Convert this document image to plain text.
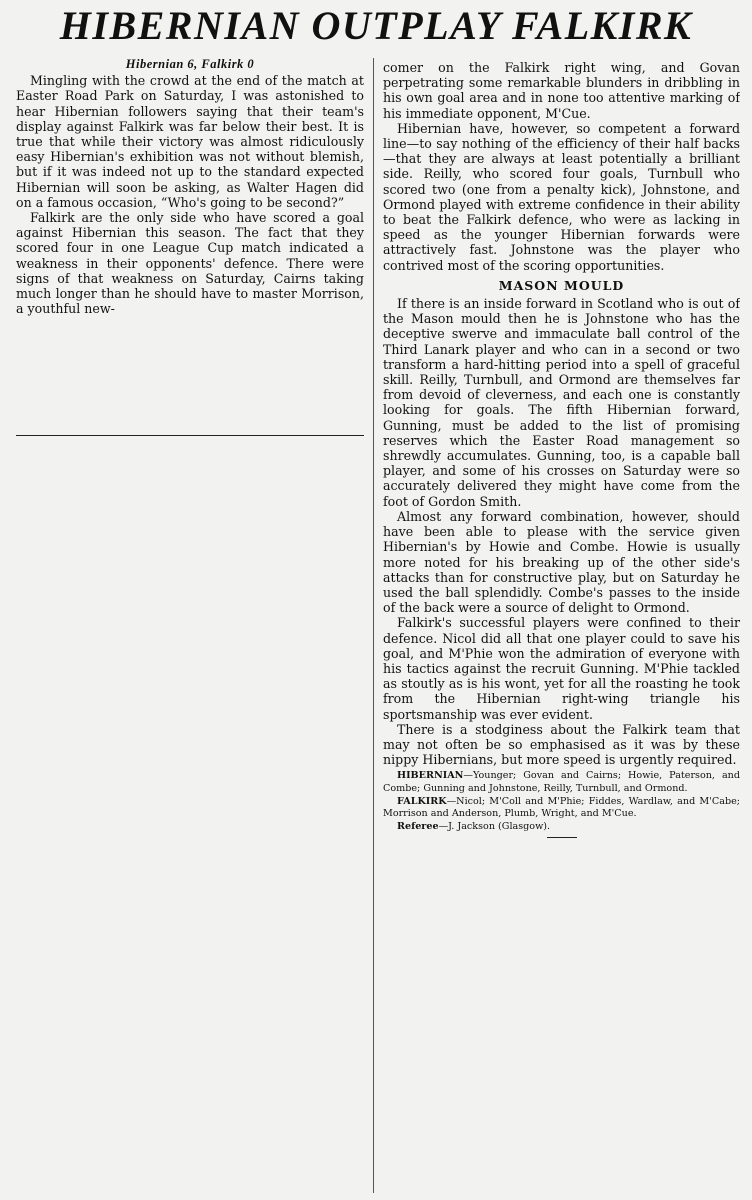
HIBERNIAN OUTPLAY FALKIRK
Hibernian 6, Falkirk 0

Mingling with the crowd at the end of the match at Easter Road Park on Saturday, I was astonished to hear Hibernian followers saying that their team's display against Falkirk was far below their best. It is true that while their victory was almost ridiculously easy Hibernian's exhibition was not without blemish, but if it was indeed not up to the standard expected Hibernian will soon be asking, as Walter Hagen did on a famous occasion, “Who's going to be second?”

Falkirk are the only side who have scored a goal against Hibernian this season. The fact that they scored four in one League Cup match indicated a weakness in their opponents' defence. There were signs of that weakness on Saturday, Cairns taking much longer than he should have to master Morrison, a youthful new-

comer on the Falkirk right wing, and Govan perpetrating some remarkable blunders in dribbling in his own goal area and in none too attentive marking of his immediate opponent, M'Cue.

Hibernian have, however, so competent a forward line—to say nothing of the efficiency of their half backs—that they are always at least potentially a brilliant side. Reilly, who scored four goals, Turnbull who scored two (one from a penalty kick), Johnstone, and Ormond played with extreme confidence in their ability to beat the Falkirk defence, who were as lacking in speed as the younger Hibernian forwards were attractively fast. Johnstone was the player who contrived most of the scoring opportunities.

MASON MOULD

If there is an inside forward in Scotland who is out of the Mason mould then he is Johnstone who has the deceptive swerve and immaculate ball control of the Third Lanark player and who can in a second or two transform a hard-hitting period into a spell of graceful skill. Reilly, Turnbull, and Ormond are themselves far from devoid of cleverness, and each one is constantly looking for goals. The fifth Hibernian forward, Gunning, must be added to the list of promising reserves which the Easter Road management so shrewdly accumulates. Gunning, too, is a capable ball player, and some of his crosses on Saturday were so accurately delivered they might have come from the foot of Gordon Smith.

Almost any forward combination, however, should have been able to please with the service given Hibernian's by Howie and Combe. Howie is usually more noted for his breaking up of the other side's attacks than for constructive play, but on Saturday he used the ball splendidly. Combe's passes to the inside of the back were a source of delight to Ormond.

Falkirk's successful players were confined to their defence. Nicol did all that one player could to save his goal, and M'Phie won the admiration of everyone with his tactics against the recruit Gunning. M'Phie tackled as stoutly as is his wont, yet for all the roasting he took from the Hibernian right-wing triangle his sportsmanship was ever evident.

There is a stodginess about the Falkirk team that may not often be so emphasised as it was by these nippy Hibernians, but more speed is urgently required.

HIBERNIAN—Younger; Govan and Cairns; Howie, Paterson, and Combe; Gunning and Johnstone, Reilly, Turnbull, and Ormond.

FALKIRK—Nicol; M'Coll and M'Phie; Fiddes, Wardlaw, and M'Cabe; Morrison and Anderson, Plumb, Wright, and M'Cue.

Referee—J. Jackson (Glasgow).
